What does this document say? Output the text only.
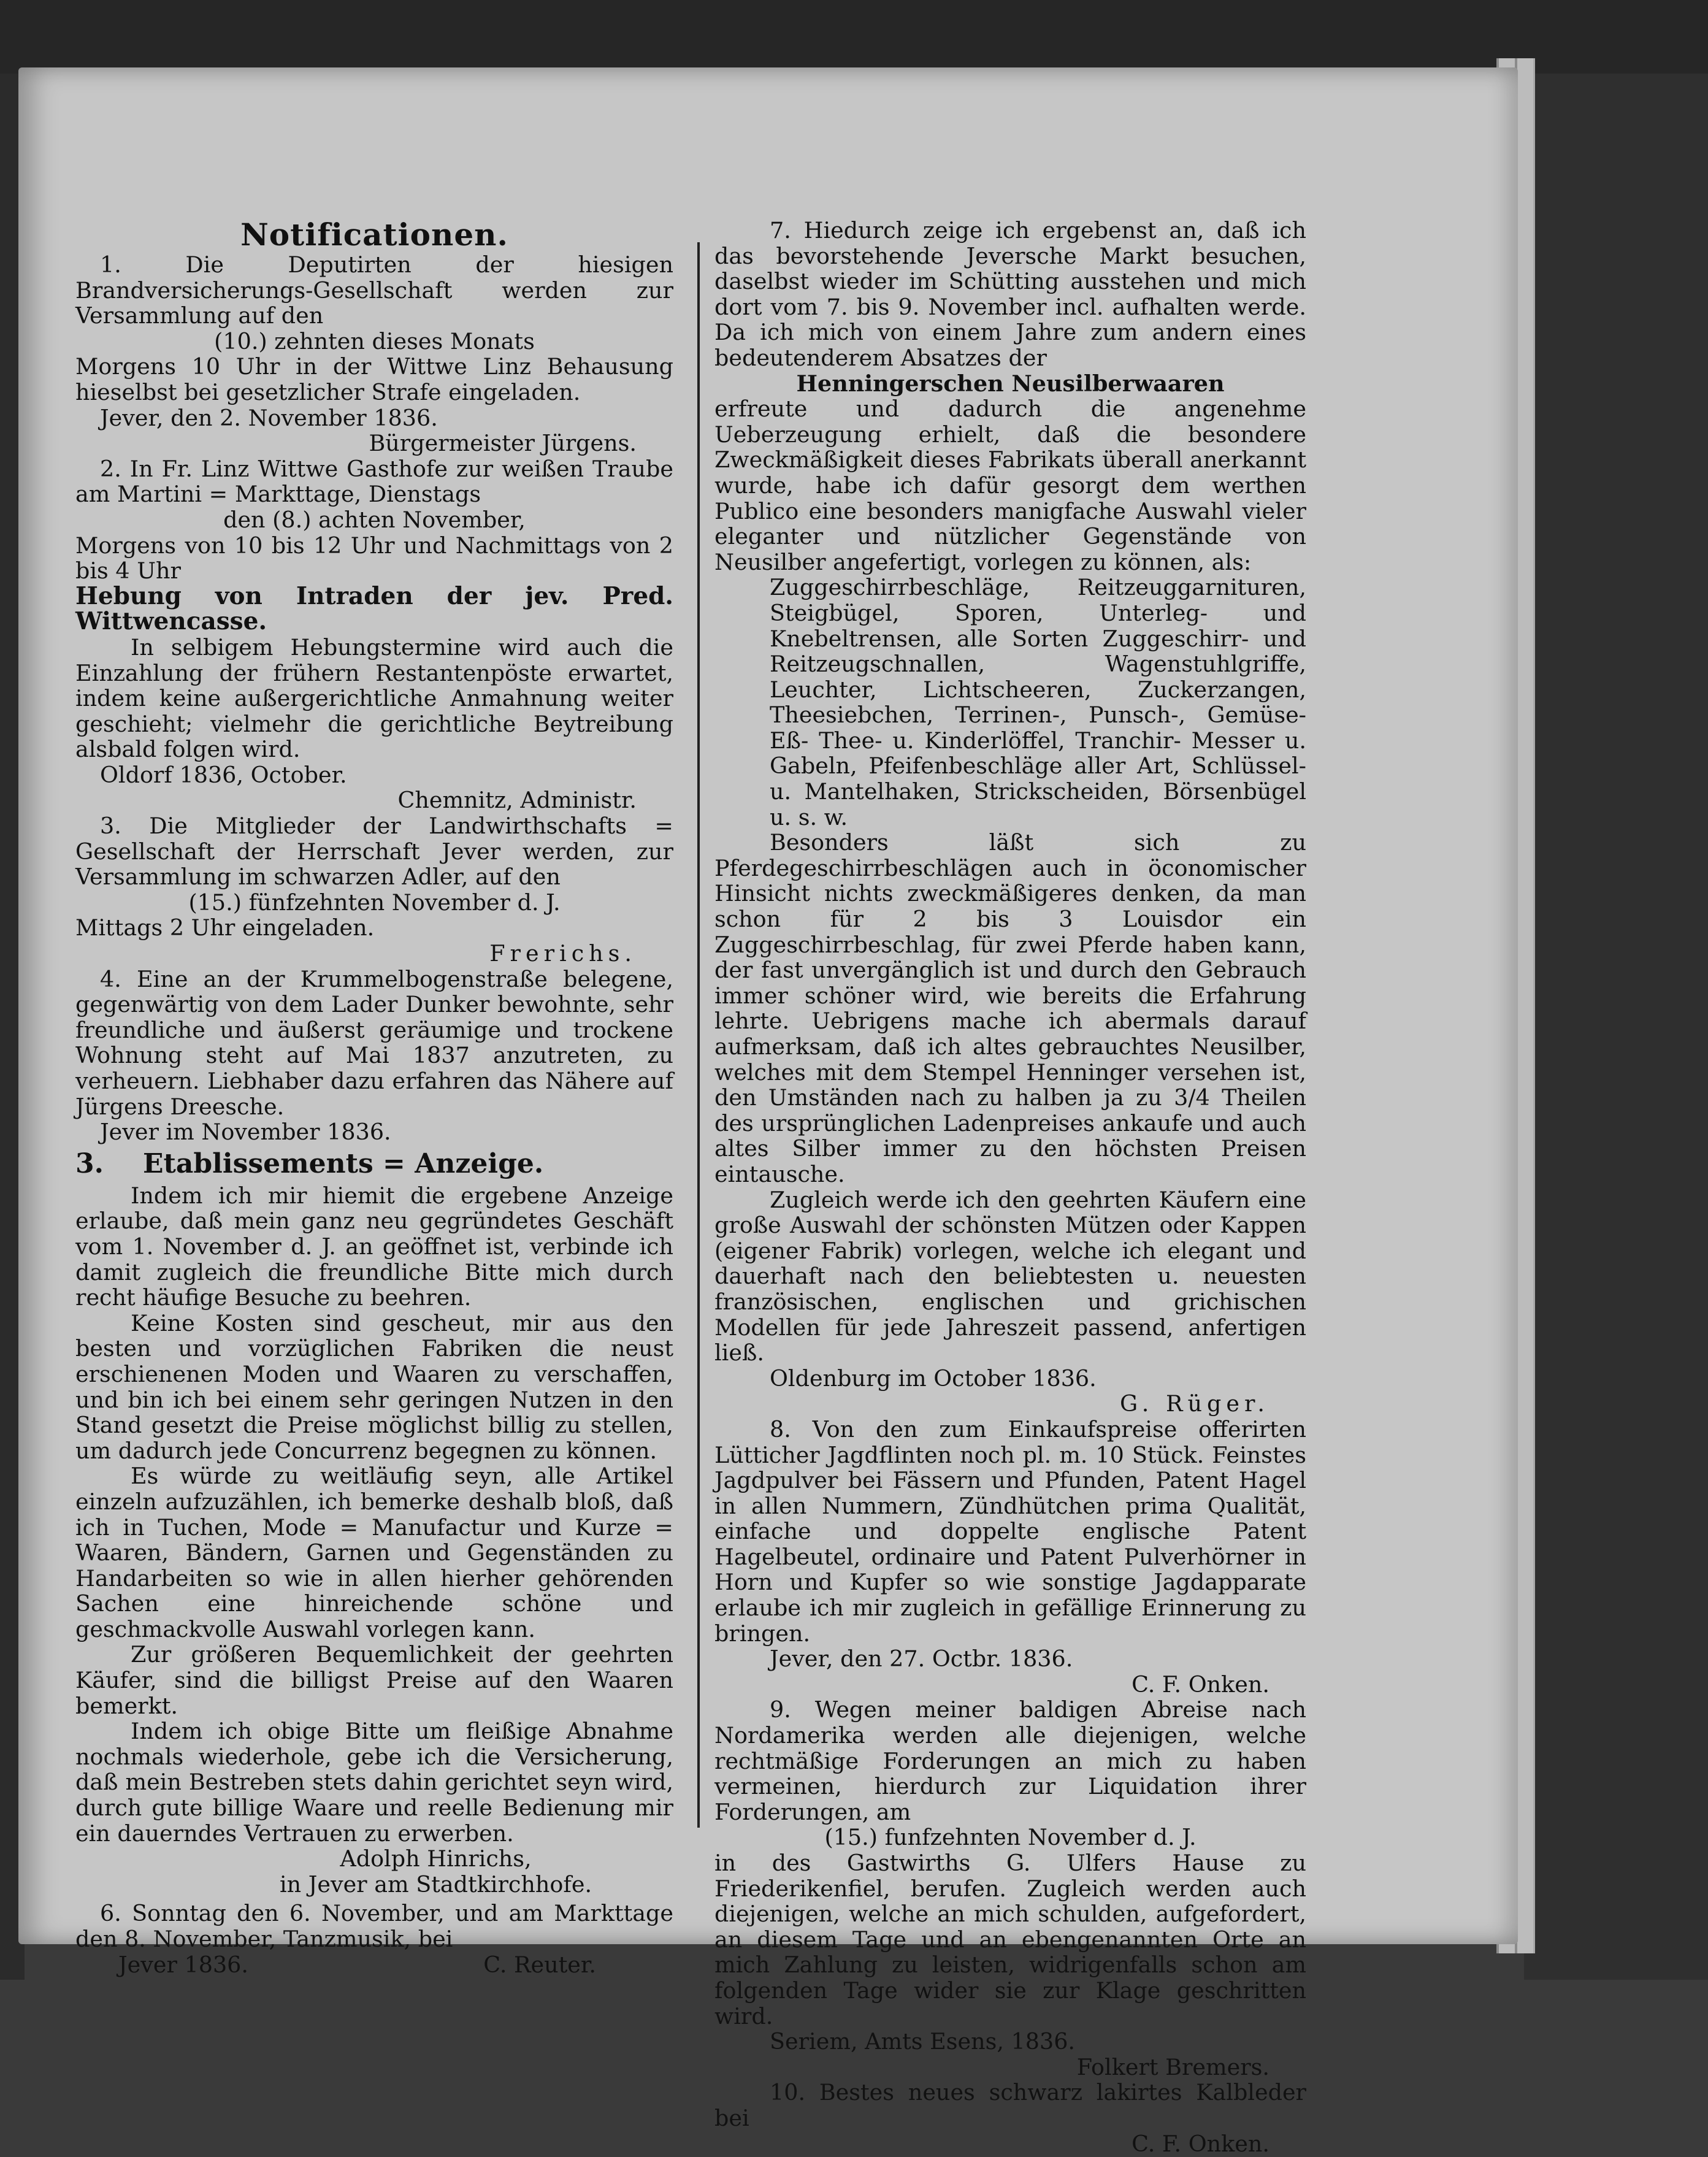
Notificationen.

1. Die Deputirten der hiesigen Brandversicherungs-Gesellschaft werden zur Versammlung auf den

(10.) zehnten dieses Monats

Morgens 10 Uhr in der Wittwe Linz Behausung hieselbst bei gesetzlicher Strafe eingeladen.

Jever, den 2. November 1836.

Bürgermeister Jürgens.

2. In Fr. Linz Wittwe Gasthofe zur weißen Traube am Martini = Markttage, Dienstags

den (8.) achten November,

Morgens von 10 bis 12 Uhr und Nachmittags von 2 bis 4 Uhr

Hebung von Intraden der jev. Pred. Wittwencasse.

In selbigem Hebungstermine wird auch die Einzahlung der frühern Restantenpöste erwartet, indem keine außergerichtliche Anmahnung weiter geschieht; vielmehr die gerichtliche Beytreibung alsbald folgen wird.

Oldorf 1836, October.

Chemnitz, Administr.

3. Die Mitglieder der Landwirthschafts = Gesellschaft der Herrschaft Jever werden, zur Versammlung im schwarzen Adler, auf den

(15.) fünfzehnten November d. J.

Mittags 2 Uhr eingeladen.

Frerichs.

4. Eine an der Krummelbogenstraße belegene, gegenwärtig von dem Lader Dunker bewohnte, sehr freundliche und äußerst geräumige und trockene Wohnung steht auf Mai 1837 anzutreten, zu verheuern. Liebhaber dazu erfahren das Nähere auf Jürgens Dreesche.

Jever im November 1836.

3. Etablissements = Anzeige.

Indem ich mir hiemit die ergebene Anzeige erlaube, daß mein ganz neu gegründetes Geschäft vom 1. November d. J. an geöffnet ist, verbinde ich damit zugleich die freundliche Bitte mich durch recht häufige Besuche zu beehren.

Keine Kosten sind gescheut, mir aus den besten und vorzüglichen Fabriken die neust erschienenen Moden und Waaren zu verschaffen, und bin ich bei einem sehr geringen Nutzen in den Stand gesetzt die Preise möglichst billig zu stellen, um dadurch jede Concurrenz begegnen zu können.

Es würde zu weitläufig seyn, alle Artikel einzeln aufzuzählen, ich bemerke deshalb bloß, daß ich in Tuchen, Mode = Manufactur und Kurze = Waaren, Bändern, Garnen und Gegenständen zu Handarbeiten so wie in allen hierher gehörenden Sachen eine hinreichende schöne und geschmackvolle Auswahl vorlegen kann.

Zur größeren Bequemlichkeit der geehrten Käufer, sind die billigst Preise auf den Waaren bemerkt.

Indem ich obige Bitte um fleißige Abnahme nochmals wiederhole, gebe ich die Versicherung, daß mein Bestreben stets dahin gerichtet seyn wird, durch gute billige Waare und reelle Bedienung mir ein dauerndes Vertrauen zu erwerben.

Adolph Hinrichs,

in Jever am Stadtkirchhofe.

6. Sonntag den 6. November, und am Markttage den 8. November, Tanzmusik, bei

Jever 1836.	C. Reuter.

7. Hiedurch zeige ich ergebenst an, daß ich das bevorstehende Jeversche Markt besuchen, daselbst wieder im Schütting ausstehen und mich dort vom 7. bis 9. November incl. aufhalten werde. Da ich mich von einem Jahre zum andern eines bedeutenderem Absatzes der

Henningerschen Neusilberwaaren

erfreute und dadurch die angenehme Ueberzeugung erhielt, daß die besondere Zweckmäßigkeit dieses Fabrikats überall anerkannt wurde, habe ich dafür gesorgt dem werthen Publico eine besonders manigfache Auswahl vieler eleganter und nützlicher Gegenstände von Neusilber angefertigt, vorlegen zu können, als:

Zuggeschirrbeschläge, Reitzeuggarnituren, Steigbügel, Sporen, Unterleg- und Knebeltrensen, alle Sorten Zuggeschirr- und Reitzeugschnallen, Wagenstuhlgriffe, Leuchter, Lichtscheeren, Zuckerzangen, Theesiebchen, Terrinen-, Punsch-, Gemüse- Eß- Thee- u. Kinderlöffel, Tranchir- Messer u. Gabeln, Pfeifenbeschläge aller Art, Schlüssel- u. Mantelhaken, Strickscheiden, Börsenbügel u. s. w.

Besonders läßt sich zu Pferdegeschirrbeschlägen auch in öconomischer Hinsicht nichts zweckmäßigeres denken, da man schon für 2 bis 3 Louisdor ein Zuggeschirrbeschlag, für zwei Pferde haben kann, der fast unvergänglich ist und durch den Gebrauch immer schöner wird, wie bereits die Erfahrung lehrte. Uebrigens mache ich abermals darauf aufmerksam, daß ich altes gebrauchtes Neusilber, welches mit dem Stempel Henninger versehen ist, den Umständen nach zu halben ja zu 3/4 Theilen des ursprünglichen Ladenpreises ankaufe und auch altes Silber immer zu den höchsten Preisen eintausche.

Zugleich werde ich den geehrten Käufern eine große Auswahl der schönsten Mützen oder Kappen (eigener Fabrik) vorlegen, welche ich elegant und dauerhaft nach den beliebtesten u. neuesten französischen, englischen und grichischen Modellen für jede Jahreszeit passend, anfertigen ließ.

Oldenburg im October 1836.

G. Rüger.

8. Von den zum Einkaufspreise offerirten Lütticher Jagdflinten noch pl. m. 10 Stück. Feinstes Jagdpulver bei Fässern und Pfunden, Patent Hagel in allen Nummern, Zündhütchen prima Qualität, einfache und doppelte englische Patent Hagelbeutel, ordinaire und Patent Pulverhörner in Horn und Kupfer so wie sonstige Jagdapparate erlaube ich mir zugleich in gefällige Erinnerung zu bringen.

Jever, den 27. Octbr. 1836.

C. F. Onken.

9. Wegen meiner baldigen Abreise nach Nordamerika werden alle diejenigen, welche rechtmäßige Forderungen an mich zu haben vermeinen, hierdurch zur Liquidation ihrer Forderungen, am

(15.) funfzehnten November d. J.

in des Gastwirths G. Ulfers Hause zu Friederikenfiel, berufen. Zugleich werden auch diejenigen, welche an mich schulden, aufgefordert, an diesem Tage und an ebengenannten Orte an mich Zahlung zu leisten, widrigenfalls schon am folgenden Tage wider sie zur Klage geschritten wird.

Seriem, Amts Esens, 1836.

Folkert Bremers.

10. Bestes neues schwarz lakirtes Kalbleder bei

C. F. Onken.
